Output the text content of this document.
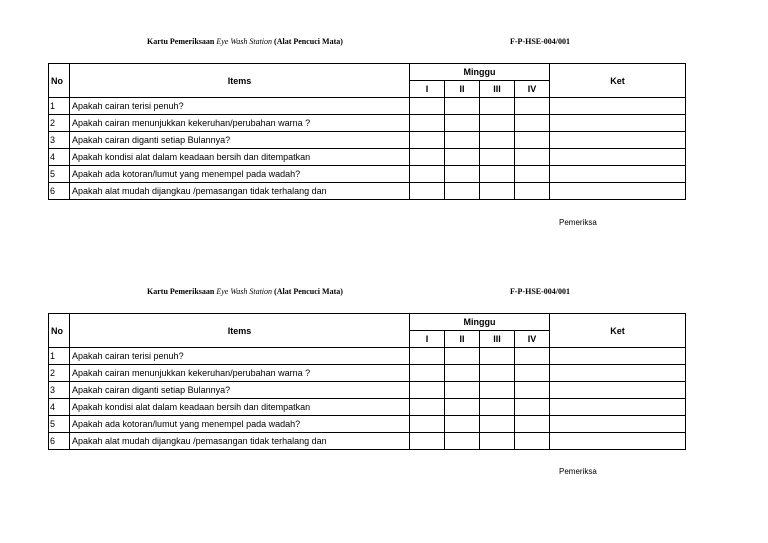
Kartu Pemeriksaan Eye Wash Station (Alat Pencuci Mata)	F-P-HSE-004/001
No	Items	Minggu				Ket
		I	II	III	IV	
1	Apakah cairan terisi penuh?					
2	Apakah cairan menunjukkan kekeruhan/perubahan warna ?					
3	Apakah cairan diganti setiap Bulannya?					
4	Apakah kondisi alat dalam keadaan bersih dan ditempatkan					
5	Apakah ada kotoran/lumut yang menempel pada wadah?					
6	Apakah alat mudah dijangkau /pemasangan tidak terhalang dan					
Pemeriksa
Kartu Pemeriksaan Eye Wash Station (Alat Pencuci Mata)	F-P-HSE-004/001
No	Items	Minggu				Ket
		I	II	III	IV	
1	Apakah cairan terisi penuh?					
2	Apakah cairan menunjukkan kekeruhan/perubahan warna ?					
3	Apakah cairan diganti setiap Bulannya?					
4	Apakah kondisi alat dalam keadaan bersih dan ditempatkan					
5	Apakah ada kotoran/lumut yang menempel pada wadah?					
6	Apakah alat mudah dijangkau /pemasangan tidak terhalang dan					
Pemeriksa
